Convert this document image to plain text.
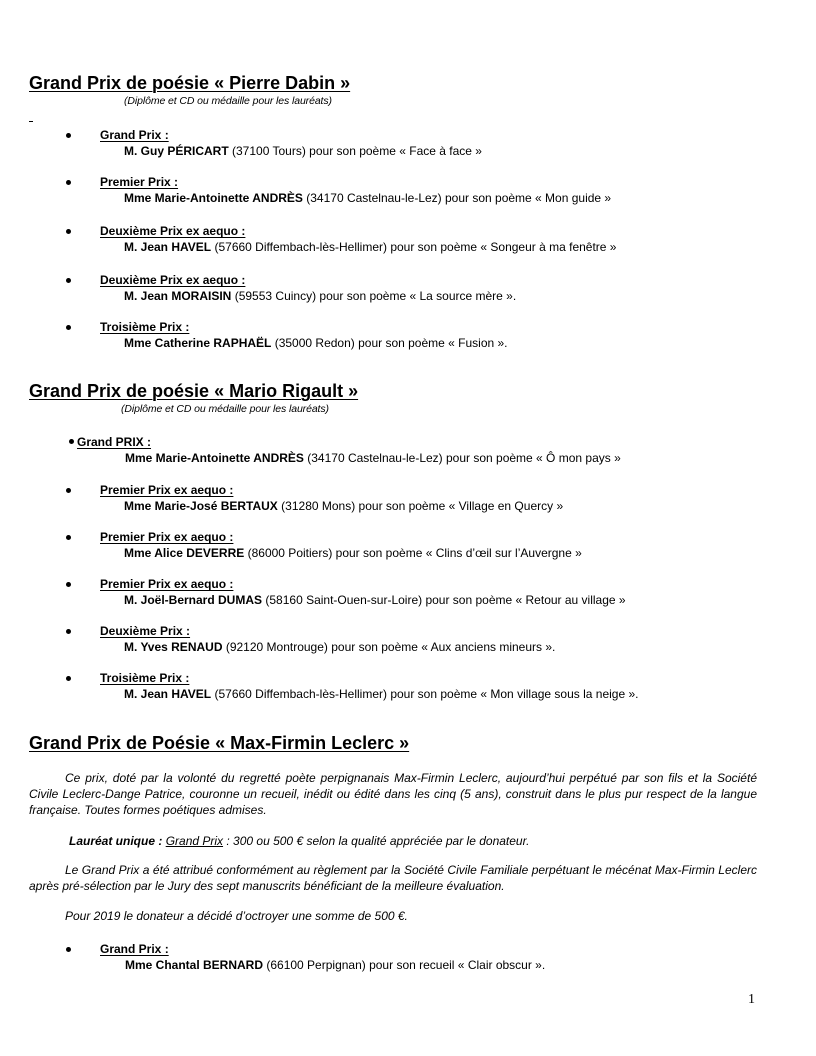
Grand Prix de poésie « Pierre Dabin »
(Diplôme et CD ou médaille pour les lauréats)
Grand Prix :
M. Guy PÉRICART (37100 Tours) pour son poème « Face à face »
Premier Prix :
Mme Marie-Antoinette ANDRÈS (34170 Castelnau-le-Lez) pour son poème « Mon guide »
Deuxième Prix ex aequo :
M. Jean HAVEL (57660 Diffembach-lès-Hellimer) pour son poème « Songeur à ma fenêtre »
Deuxième Prix ex aequo :
M. Jean MORAISIN (59553 Cuincy) pour son poème « La source mère ».
Troisième Prix :
Mme Catherine RAPHAËL (35000 Redon) pour son poème « Fusion ».
Grand Prix de poésie « Mario Rigault »
(Diplôme et CD ou médaille pour les lauréats)
Grand PRIX :
Mme Marie-Antoinette ANDRÈS (34170 Castelnau-le-Lez) pour son poème « Ô mon pays »
Premier Prix ex aequo :
Mme Marie-José BERTAUX (31280 Mons) pour son poème « Village en Quercy »
Premier Prix ex aequo :
Mme Alice DEVERRE (86000 Poitiers) pour son poème « Clins d’œil sur l’Auvergne »
Premier Prix ex aequo :
M. Joël-Bernard DUMAS (58160 Saint-Ouen-sur-Loire) pour son poème « Retour au village »
Deuxième Prix :
M. Yves RENAUD (92120 Montrouge) pour son poème « Aux anciens mineurs ».
Troisième Prix :
M. Jean HAVEL (57660 Diffembach-lès-Hellimer) pour son poème « Mon village sous la neige ».
Grand Prix de Poésie « Max-Firmin Leclerc »

Ce prix, doté par la volonté du regretté poète perpignanais Max-Firmin Leclerc, aujourd’hui perpétué par son fils et la Société Civile Leclerc-Dange Patrice, couronne un recueil, inédit ou édité dans les cinq (5 ans), construit dans le plus pur respect de la langue française. Toutes formes poétiques admises.

Lauréat unique : Grand Prix : 300 ou 500 € selon la qualité appréciée par le donateur.

Le Grand Prix a été attribué conformément au règlement par la Société Civile Familiale perpétuant le mécénat Max-Firmin Leclerc après pré-sélection par le Jury des sept manuscrits bénéficiant de la meilleure évaluation.

Pour 2019 le donateur a décidé d’octroyer une somme de 500 €.

Grand Prix :
Mme Chantal BERNARD (66100 Perpignan) pour son recueil « Clair obscur ».
1
